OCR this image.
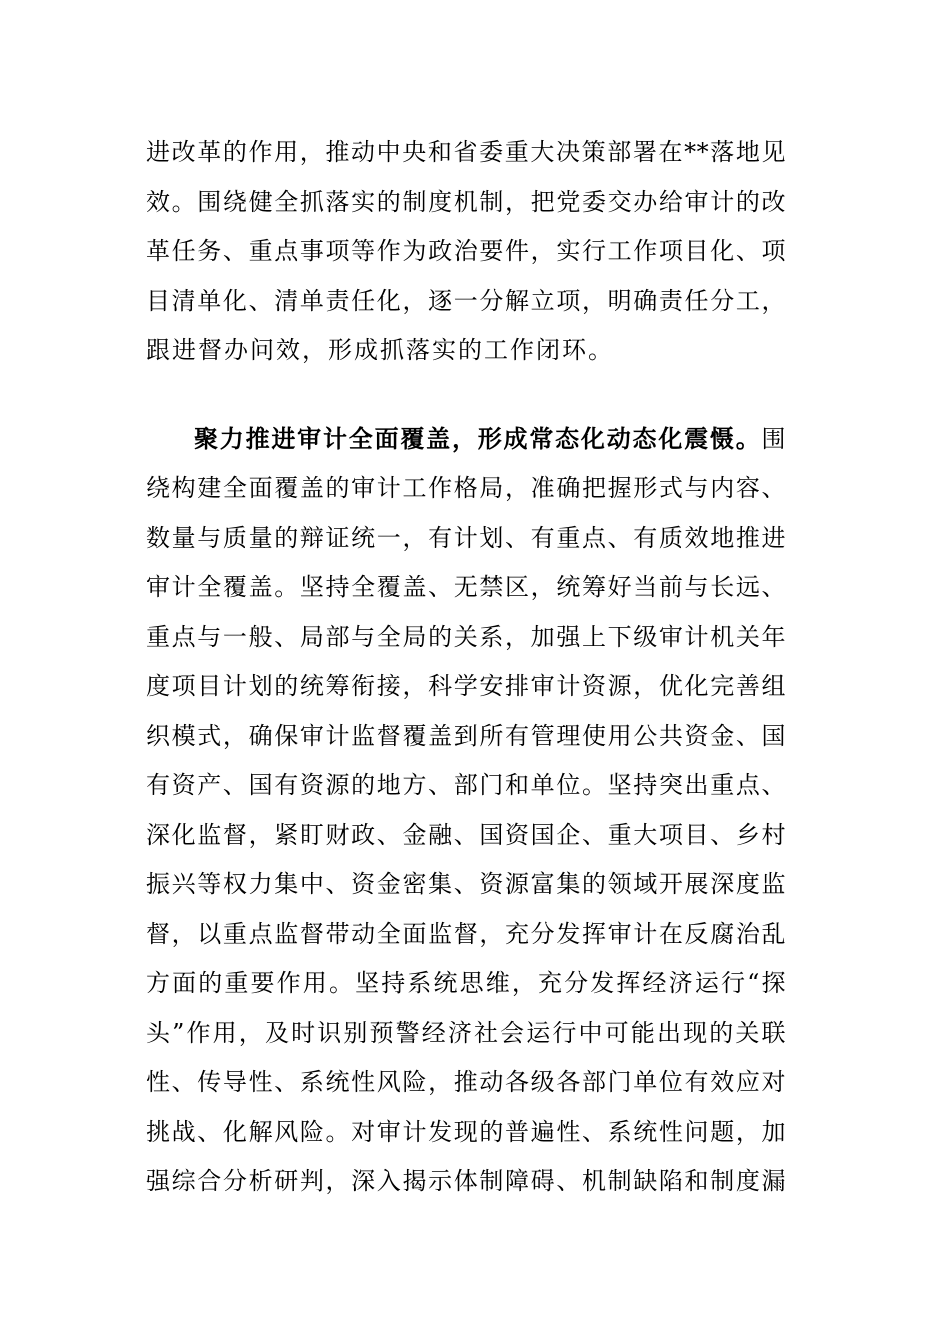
进改革的作用，推动中央和省委重大决策部署在**落地见
效。围绕健全抓落实的制度机制，把党委交办给审计的改
革任务、重点事项等作为政治要件，实行工作项目化、项
目清单化、清单责任化，逐一分解立项，明确责任分工，
跟进督办问效，形成抓落实的工作闭环。
聚力推进审计全面覆盖，形成常态化动态化震慑。围
绕构建全面覆盖的审计工作格局，准确把握形式与内容、
数量与质量的辩证统一，有计划、有重点、有质效地推进
审计全覆盖。坚持全覆盖、无禁区，统筹好当前与长远、
重点与一般、局部与全局的关系，加强上下级审计机关年
度项目计划的统筹衔接，科学安排审计资源，优化完善组
织模式，确保审计监督覆盖到所有管理使用公共资金、国
有资产、国有资源的地方、部门和单位。坚持突出重点、
深化监督，紧盯财政、金融、国资国企、重大项目、乡村
振兴等权力集中、资金密集、资源富集的领域开展深度监
督，以重点监督带动全面监督，充分发挥审计在反腐治乱
方面的重要作用。坚持系统思维，充分发挥经济运行“探
头”作用，及时识别预警经济社会运行中可能出现的关联
性、传导性、系统性风险，推动各级各部门单位有效应对
挑战、化解风险。对审计发现的普遍性、系统性问题，加
强综合分析研判，深入揭示体制障碍、机制缺陷和制度漏
